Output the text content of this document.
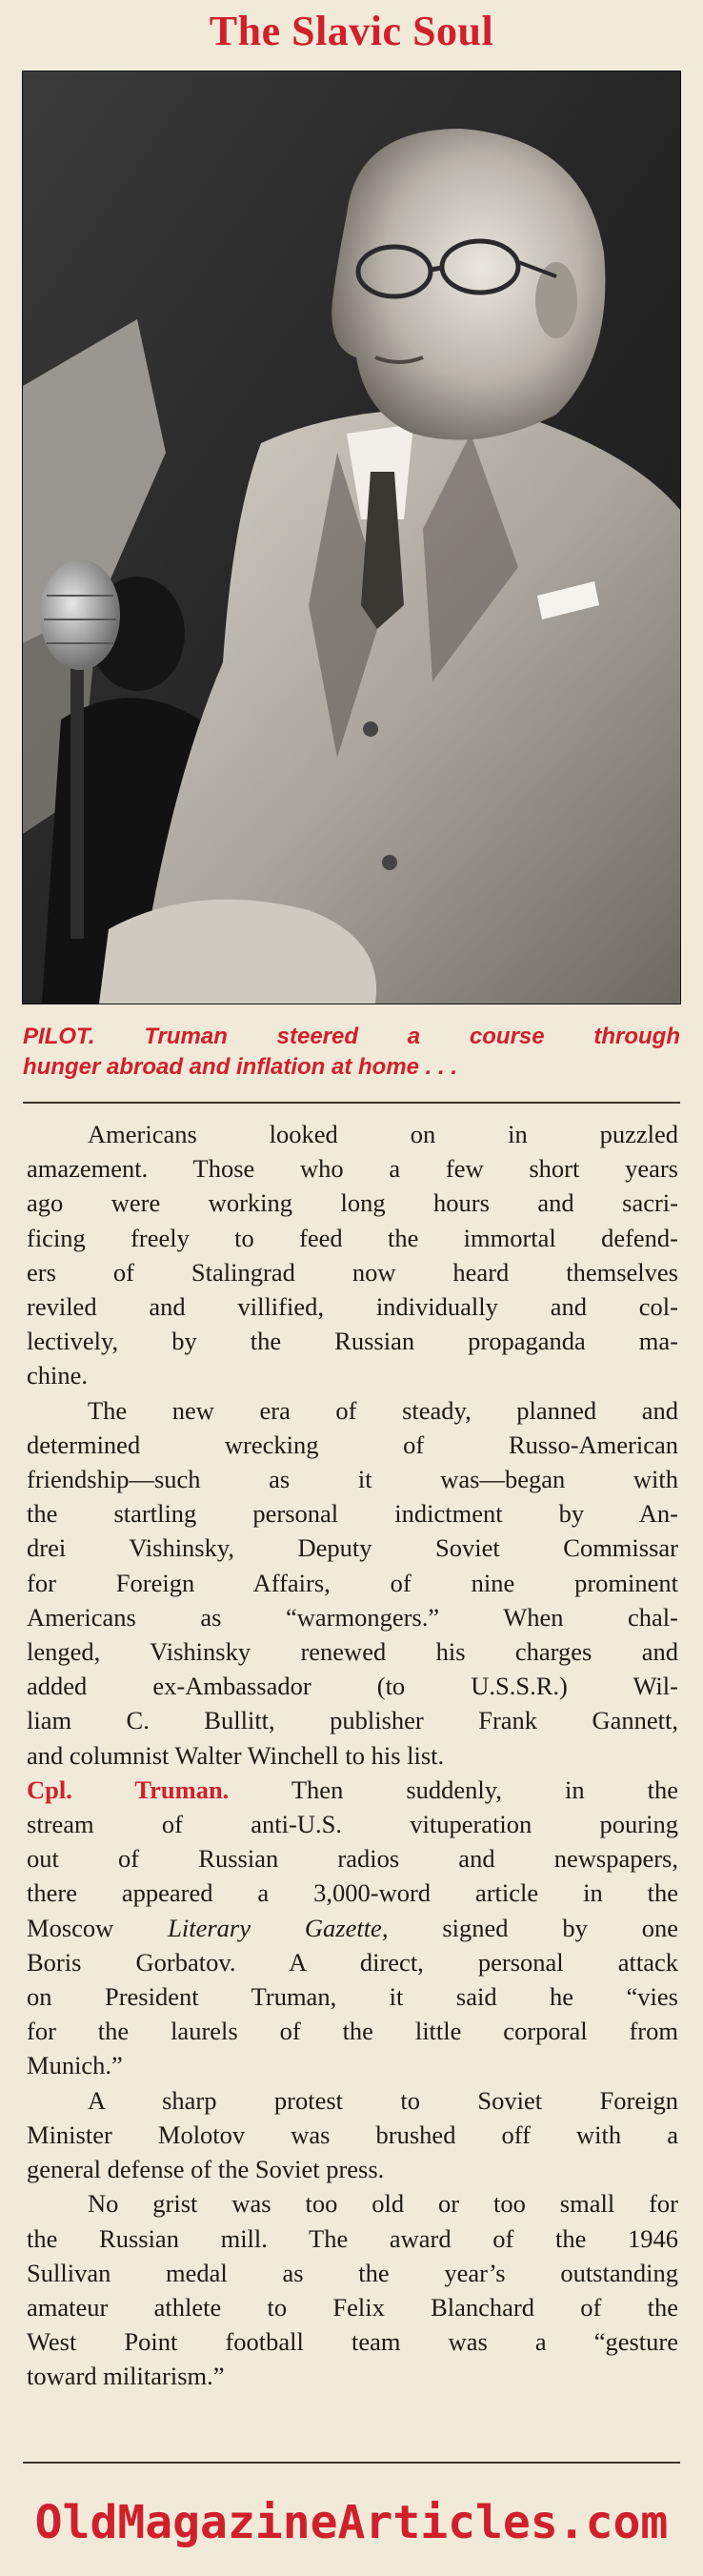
The Slavic Soul
PILOT. Truman steered a course through
hunger abroad and inflation at home . . .

Americans looked on in puzzled
amazement. Those who a few short years
ago were working long hours and sacri-
ficing freely to feed the immortal defend-
ers of Stalingrad now heard themselves
reviled and villified, individually and col-
lectively, by the Russian propaganda ma-
chine.

The new era of steady, planned and
determined wrecking of Russo-American
friendship—such as it was—began with
the startling personal indictment by An-
drei Vishinsky, Deputy Soviet Commissar
for Foreign Affairs, of nine prominent
Americans as “warmongers.” When chal-
lenged, Vishinsky renewed his charges and
added ex-Ambassador (to U.S.S.R.) Wil-
liam C. Bullitt, publisher Frank Gannett,
and columnist Walter Winchell to his list.

Cpl. Truman. Then suddenly, in the
stream of anti-U.S. vituperation pouring
out of Russian radios and newspapers,
there appeared a 3,000-word article in the
Moscow Literary Gazette, signed by one
Boris Gorbatov. A direct, personal attack
on President Truman, it said he “vies
for the laurels of the little corporal from
Munich.”

A sharp protest to Soviet Foreign
Minister Molotov was brushed off with a
general defense of the Soviet press.

No grist was too old or too small for
the Russian mill. The award of the 1946
Sullivan medal as the year’s outstanding
amateur athlete to Felix Blanchard of the
West Point football team was a “gesture
toward militarism.”

OldMagazineArticles.com
